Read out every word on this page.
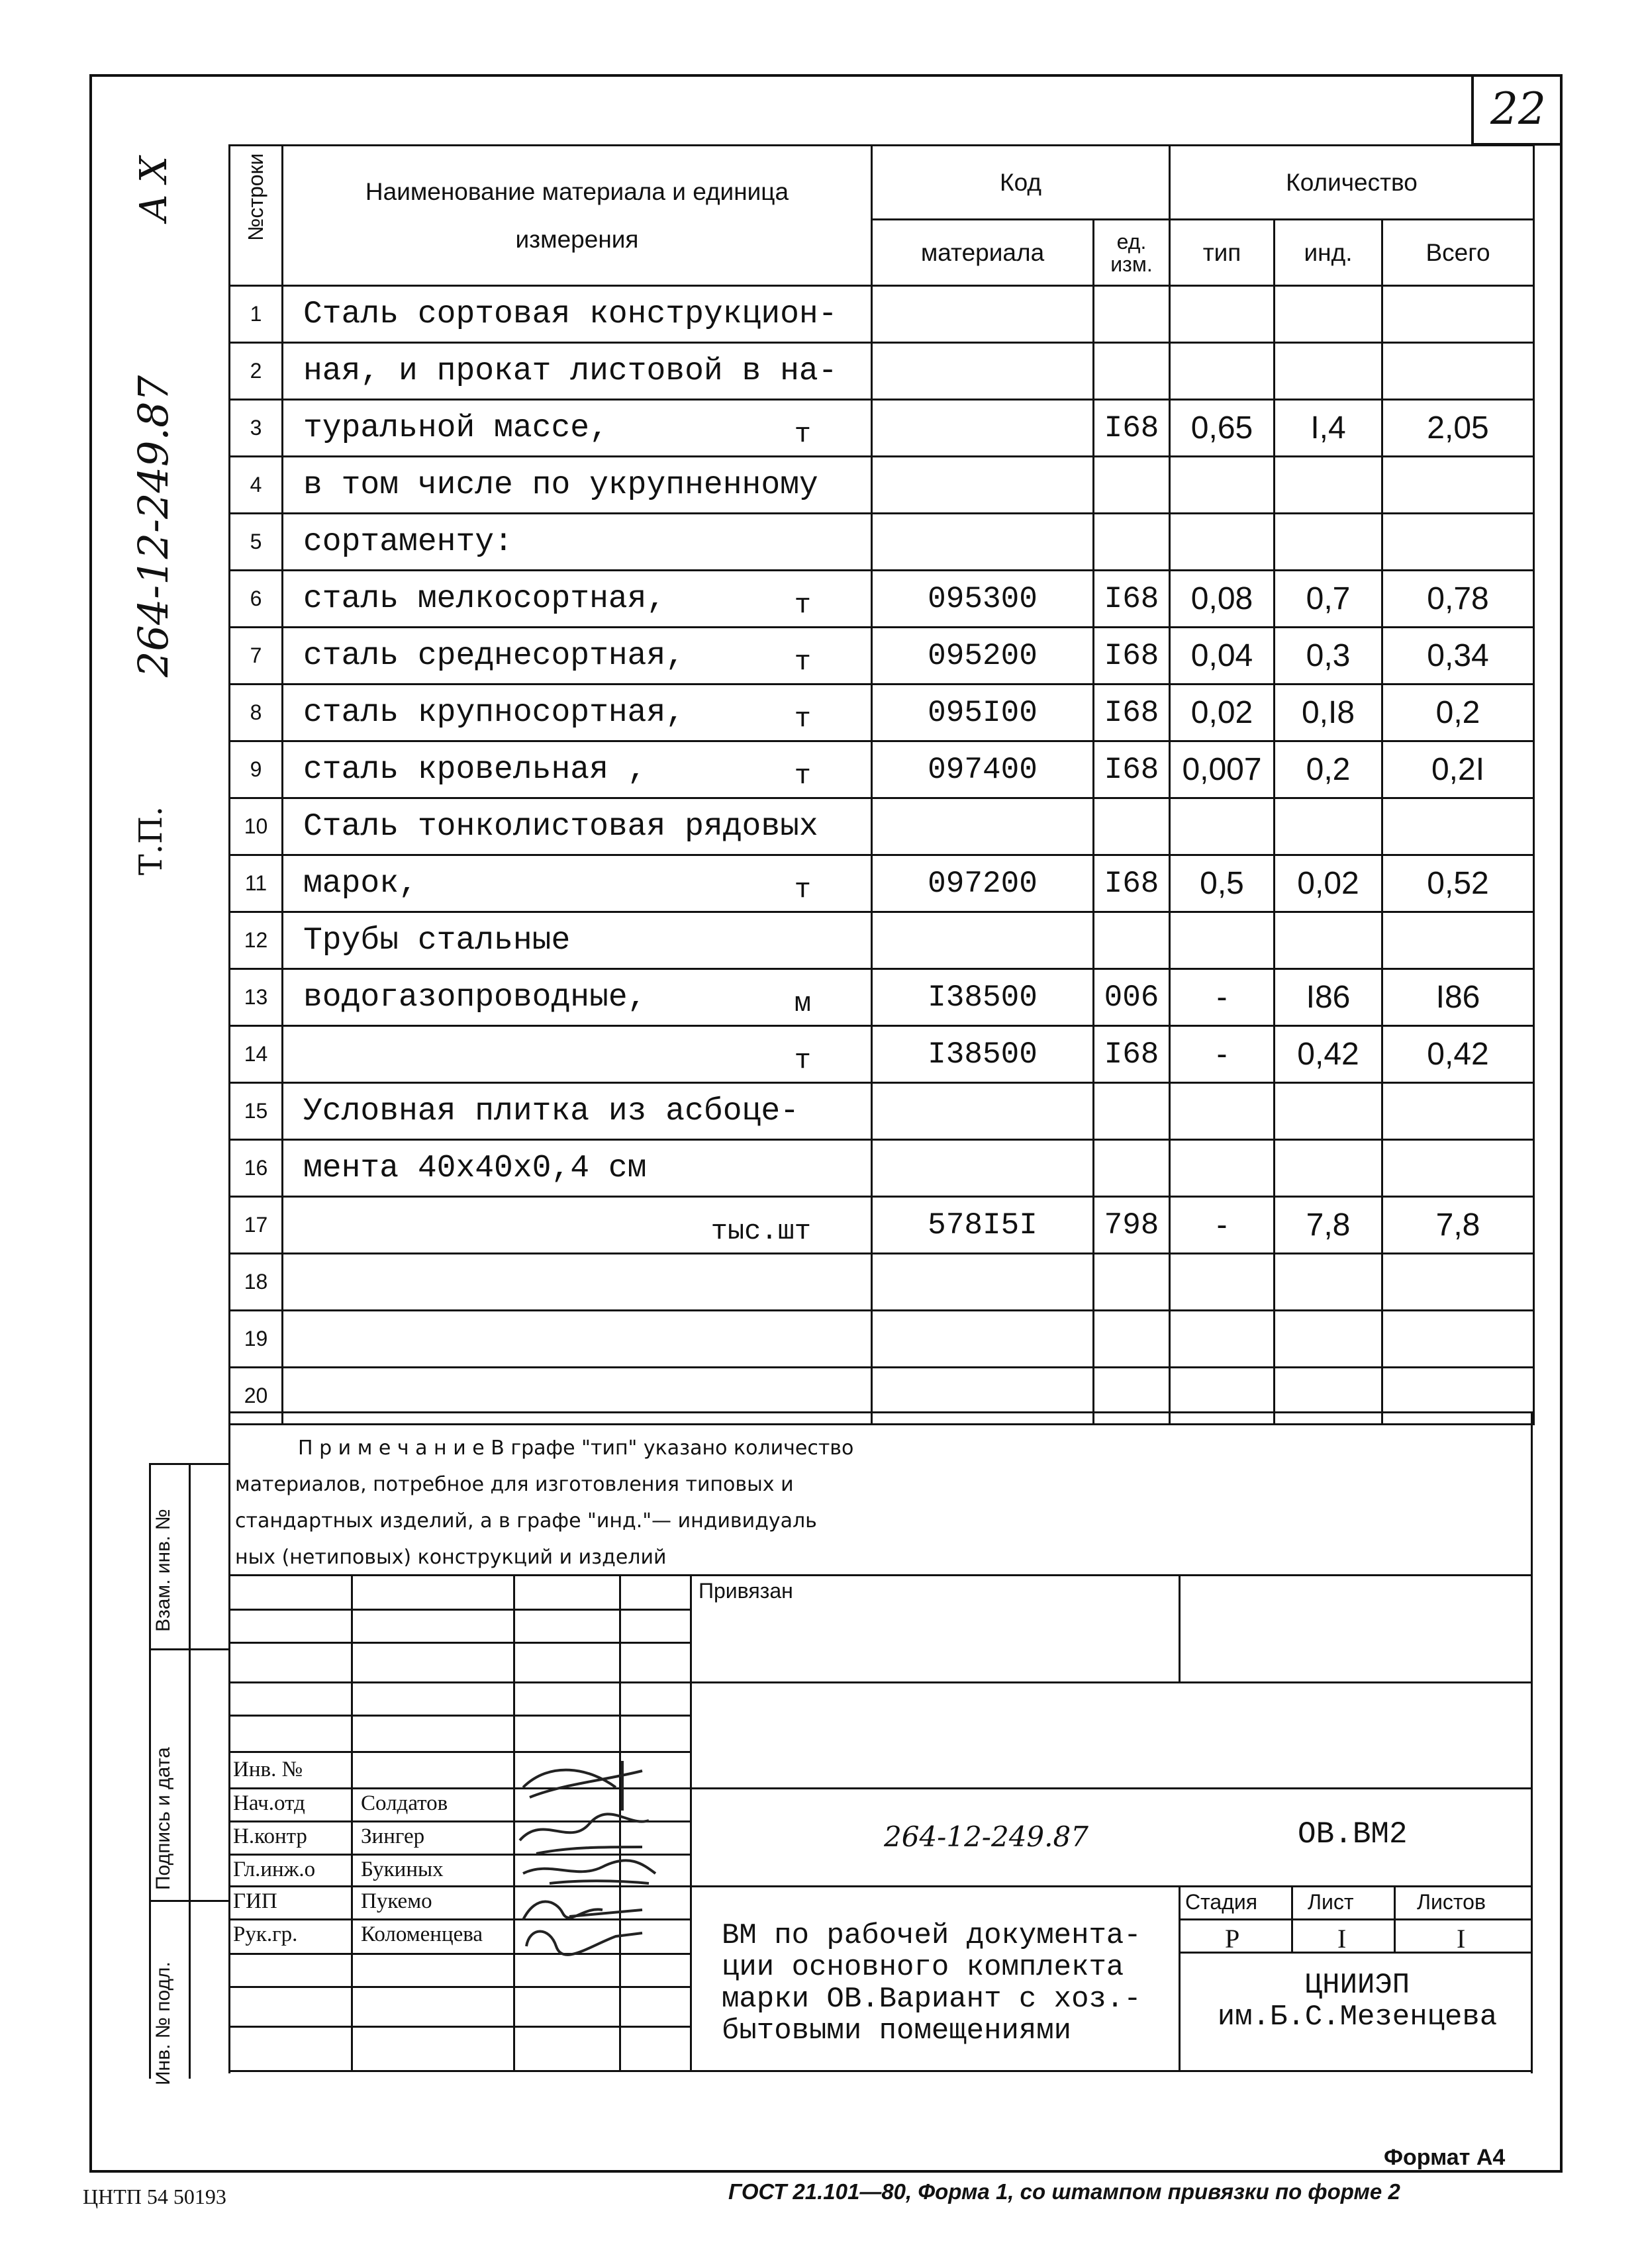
22
A X
264-12-249.87
Т.П.
№строки	Наименование материала и единица измерения	Код		Количество		
		материала	ед. изм.	тип	инд.	Всего
1	Сталь сортовая конструкцион-

2	ная, и прокат листовой в на-

3	туральной массе, т		I68	0,65	I,4	2,05
4	в том числе по укрупненному

5	сортаменту:

6	сталь мелкосортная, т	095300	I68	0,08	0,7	0,78
7	сталь среднесортная, т	095200	I68	0,04	0,3	0,34
8	сталь крупносортная, т	095I00	I68	0,02	0,I8	0,2
9	сталь кровельная , т	097400	I68	0,007	0,2	0,2I
10	Сталь тонколистовая рядовых

11	марок, т	097200	I68	0,5	0,02	0,52
12	Трубы стальные

13	водогазопроводные, м	I38500	006	-	I86	I86
14	т	I38500	I68	-	0,42	0,42
15	Условная плитка из асбоце-

16	мента 40х40х0,4 см

17	тыс.шт	578I5I	798	-	7,8	7,8
18	

19	

20	

П р и м е ч а н и е В графе "тип" указано количество
материалов, потребное для изготовления типовых и
стандартных изделий, а в графе "инд."— индивидуаль
ных (нетиповых) конструкций и изделий
Взам. инв. №
Подпись и дата
Инв. № подл.
Привязан
Инв. №
Нач.отд	Солдатов
Н.контр Зингер
Гл.инж.о Букиных
ГИП	Пукемо
Рук.гр.	Коломенцева
264-12-249.87	ОВ.ВМ2
Стадия Лист	Листов
Р	I	I
ВМ по рабочей документа-
ции основного комплекта
марки ОВ.Вариант с хоз.-
бытовыми помещениями
ЦНИИЭП
им.Б.С.Мезенцева
Формат А4
ЦНТП 54 50193	ГОСТ 21.101—80, Форма 1, со штампом привязки по форме 2
